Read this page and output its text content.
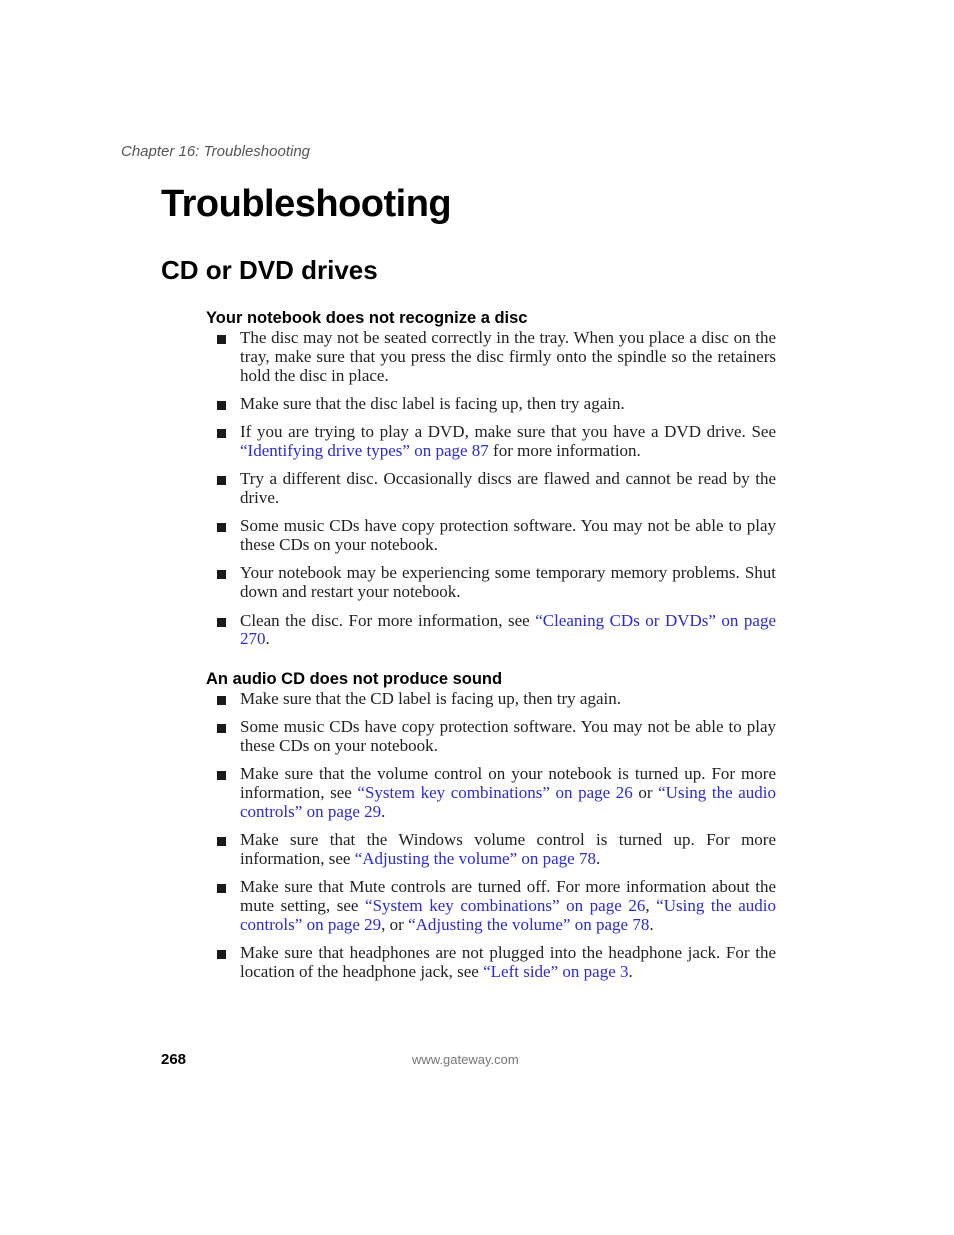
Chapter 16: Troubleshooting

Troubleshooting
CD or DVD drives
Your notebook does not recognize a disc
The disc may not be seated correctly in the tray. When you place a disc on the tray, make sure that you press the disc firmly onto the spindle so the retainers hold the disc in place.
Make sure that the disc label is facing up, then try again.
If you are trying to play a DVD, make sure that you have a DVD drive. See “Identifying drive types” on page 87 for more information.
Try a different disc. Occasionally discs are flawed and cannot be read by the drive.
Some music CDs have copy protection software. You may not be able to play these CDs on your notebook.
Your notebook may be experiencing some temporary memory problems. Shut down and restart your notebook.
Clean the disc. For more information, see “Cleaning CDs or DVDs” on page 270.
An audio CD does not produce sound
Make sure that the CD label is facing up, then try again.
Some music CDs have copy protection software. You may not be able to play these CDs on your notebook.
Make sure that the volume control on your notebook is turned up. For more information, see “System key combinations” on page 26 or “Using the audio controls” on page 29.
Make sure that the Windows volume control is turned up. For more information, see “Adjusting the volume” on page 78.
Make sure that Mute controls are turned off. For more information about the mute setting, see “System key combinations” on page 26, “Using the audio controls” on page 29, or “Adjusting the volume” on page 78.
Make sure that headphones are not plugged into the headphone jack. For the location of the headphone jack, see “Left side” on page 3.

268	www.gateway.com
